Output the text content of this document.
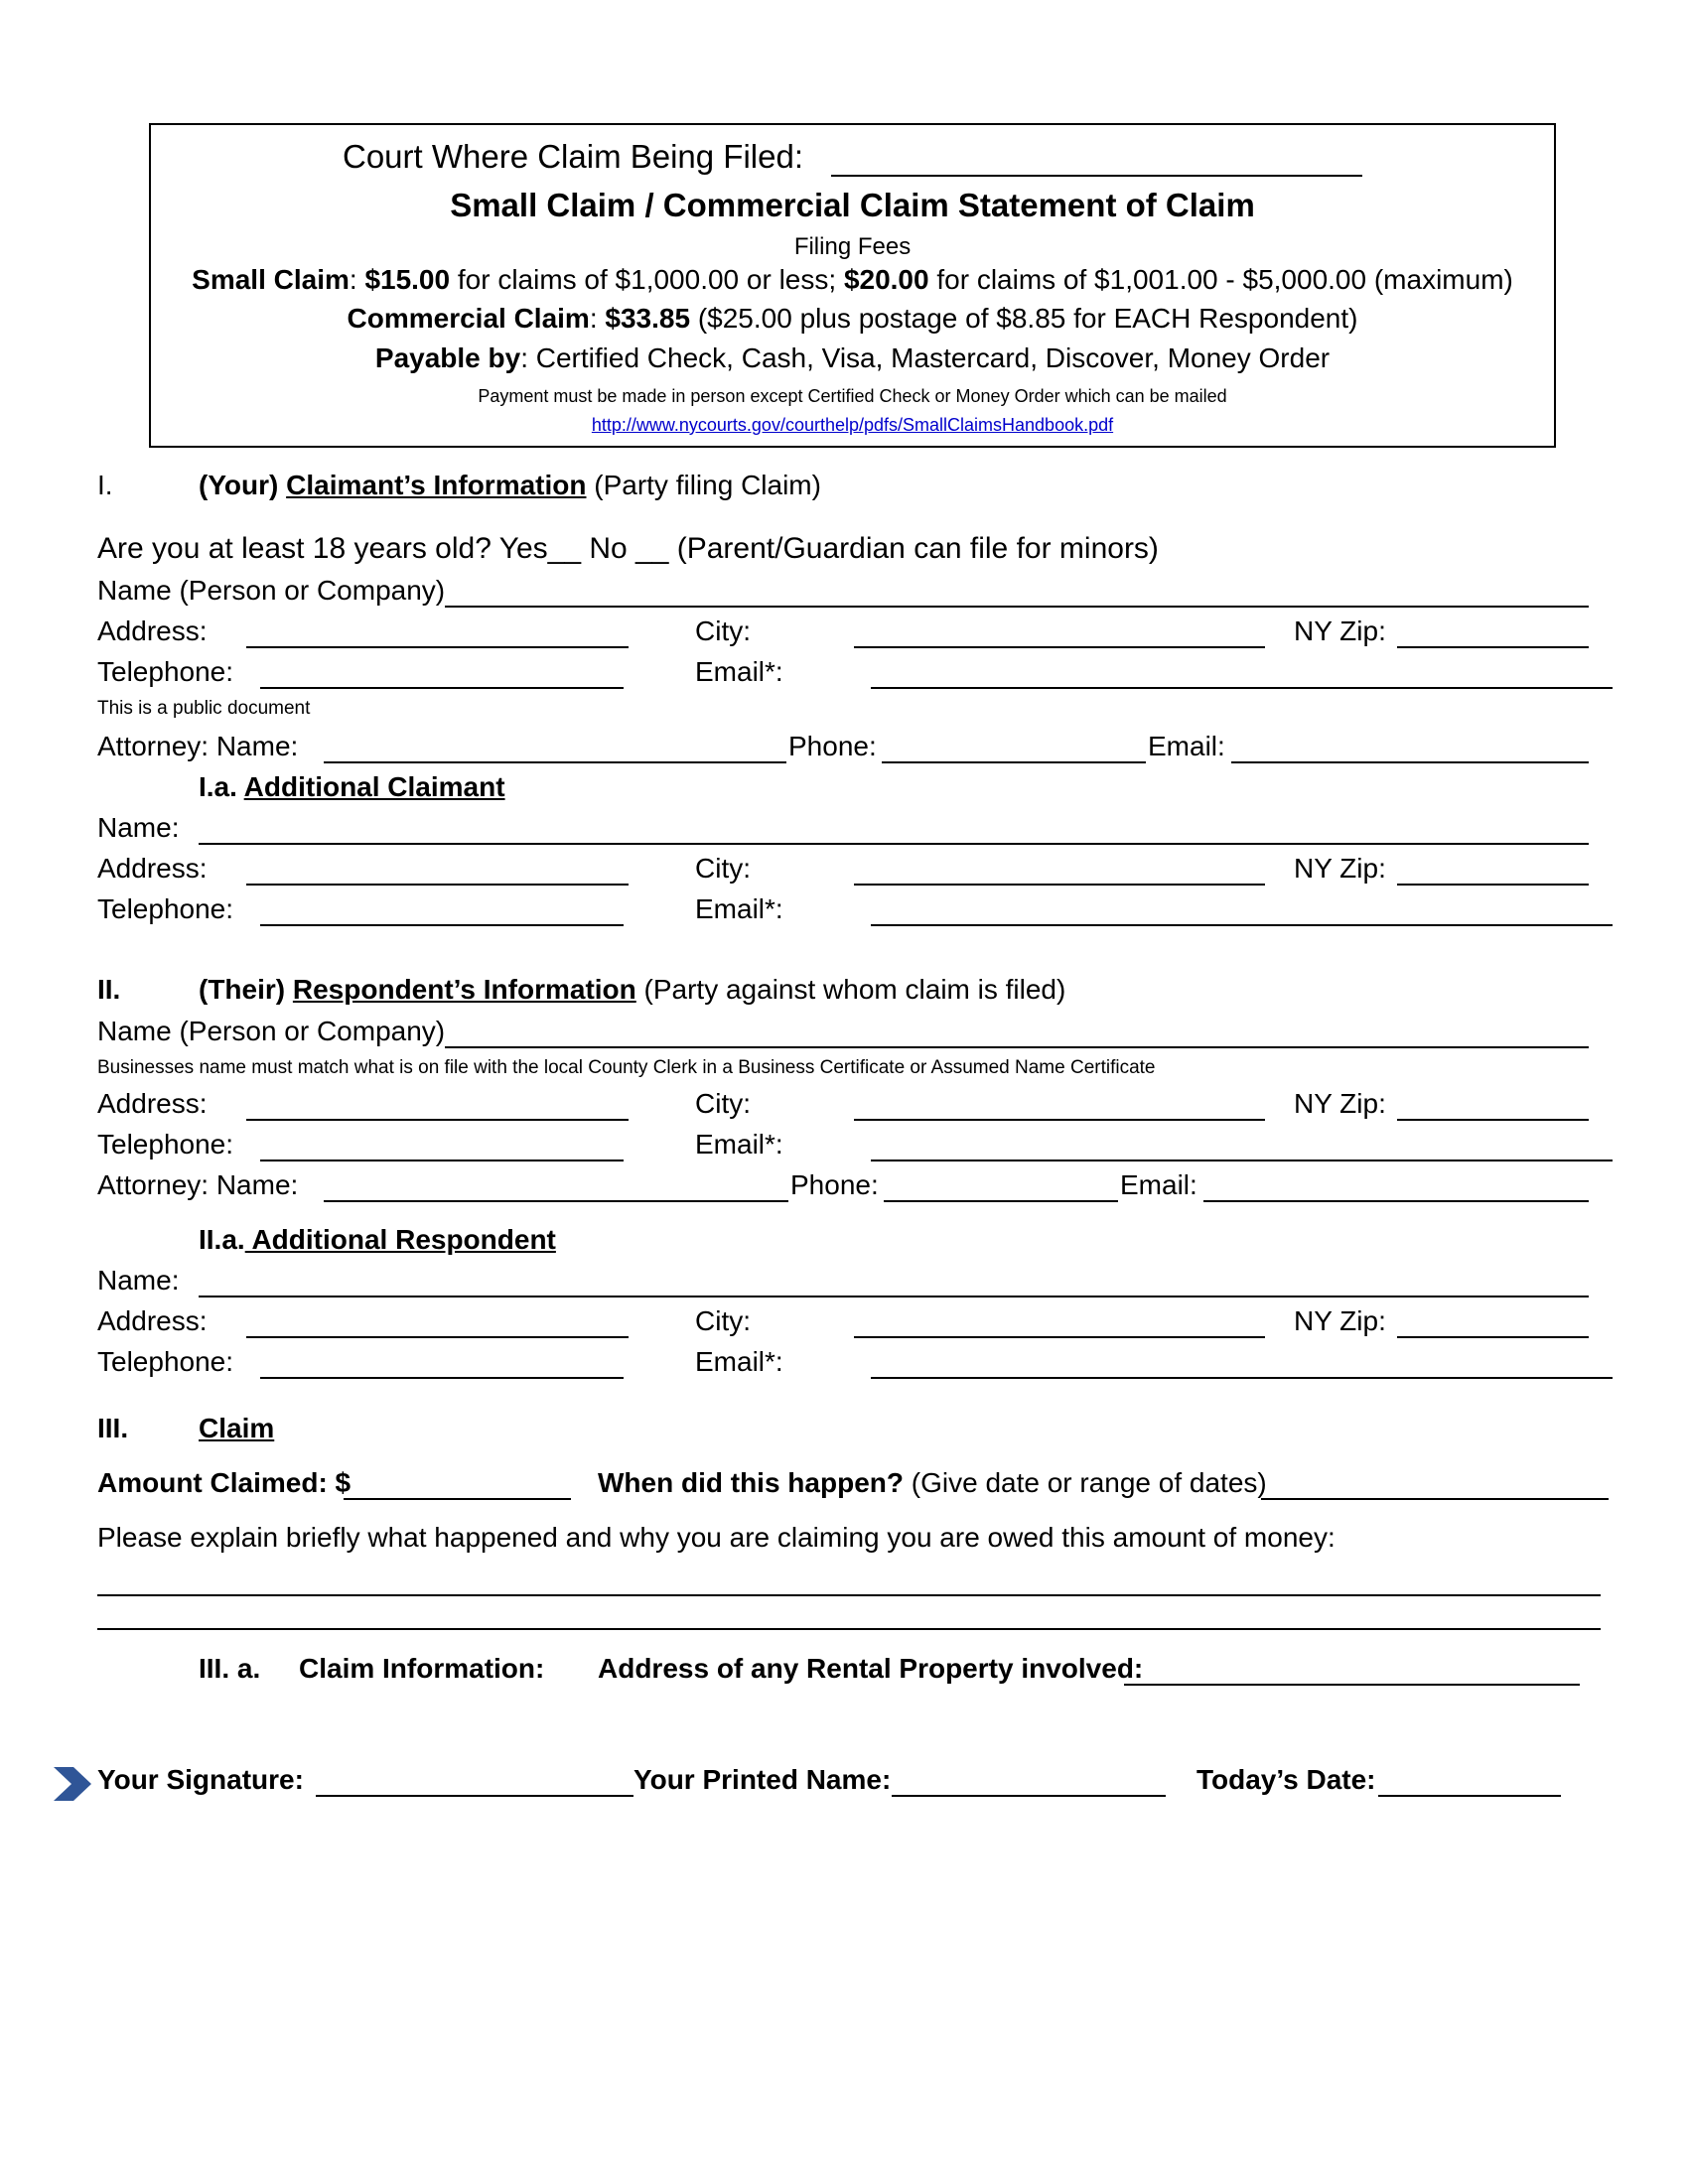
Court Where Claim Being Filed:
Small Claim / Commercial Claim Statement of Claim
Filing Fees
Small Claim: $15.00 for claims of $1,000.00 or less; $20.00 for claims of $1,001.00 - $5,000.00 (maximum)
Commercial Claim: $33.85 ($25.00 plus postage of $8.85 for EACH Respondent)
Payable by: Certified Check, Cash, Visa, Mastercard, Discover, Money Order
Payment must be made in person except Certified Check or Money Order which can be mailed
http://www.nycourts.gov/courthelp/pdfs/SmallClaimsHandbook.pdf
I.	(Your) Claimant’s Information (Party filing Claim)
Are you at least 18 years old? Yes__ No __ (Parent/Guardian can file for minors)
Name (Person or Company)
Address:	City:	NY Zip:
Telephone:	Email*:
This is a public document
Attorney: Name:	Phone:	Email:
I.a. Additional Claimant
Name:
Address:	City:	NY Zip:
Telephone:	Email*:
II.	(Their) Respondent’s Information (Party against whom claim is filed)
Name (Person or Company)
Businesses name must match what is on file with the local County Clerk in a Business Certificate or Assumed Name Certificate
Address:	City:	NY Zip:
Telephone:	Email*:
Attorney: Name:	Phone:	Email:
II.a. Additional Respondent
Name:
Address:	City:	NY Zip:
Telephone:	Email*:
III.	Claim
Amount Claimed: $	When did this happen? (Give date or range of dates)
Please explain briefly what happened and why you are claiming you are owed this amount of money:
III. a. Claim Information: Address of any Rental Property involved:
Your Signature:	Your Printed Name:	Today’s Date:
